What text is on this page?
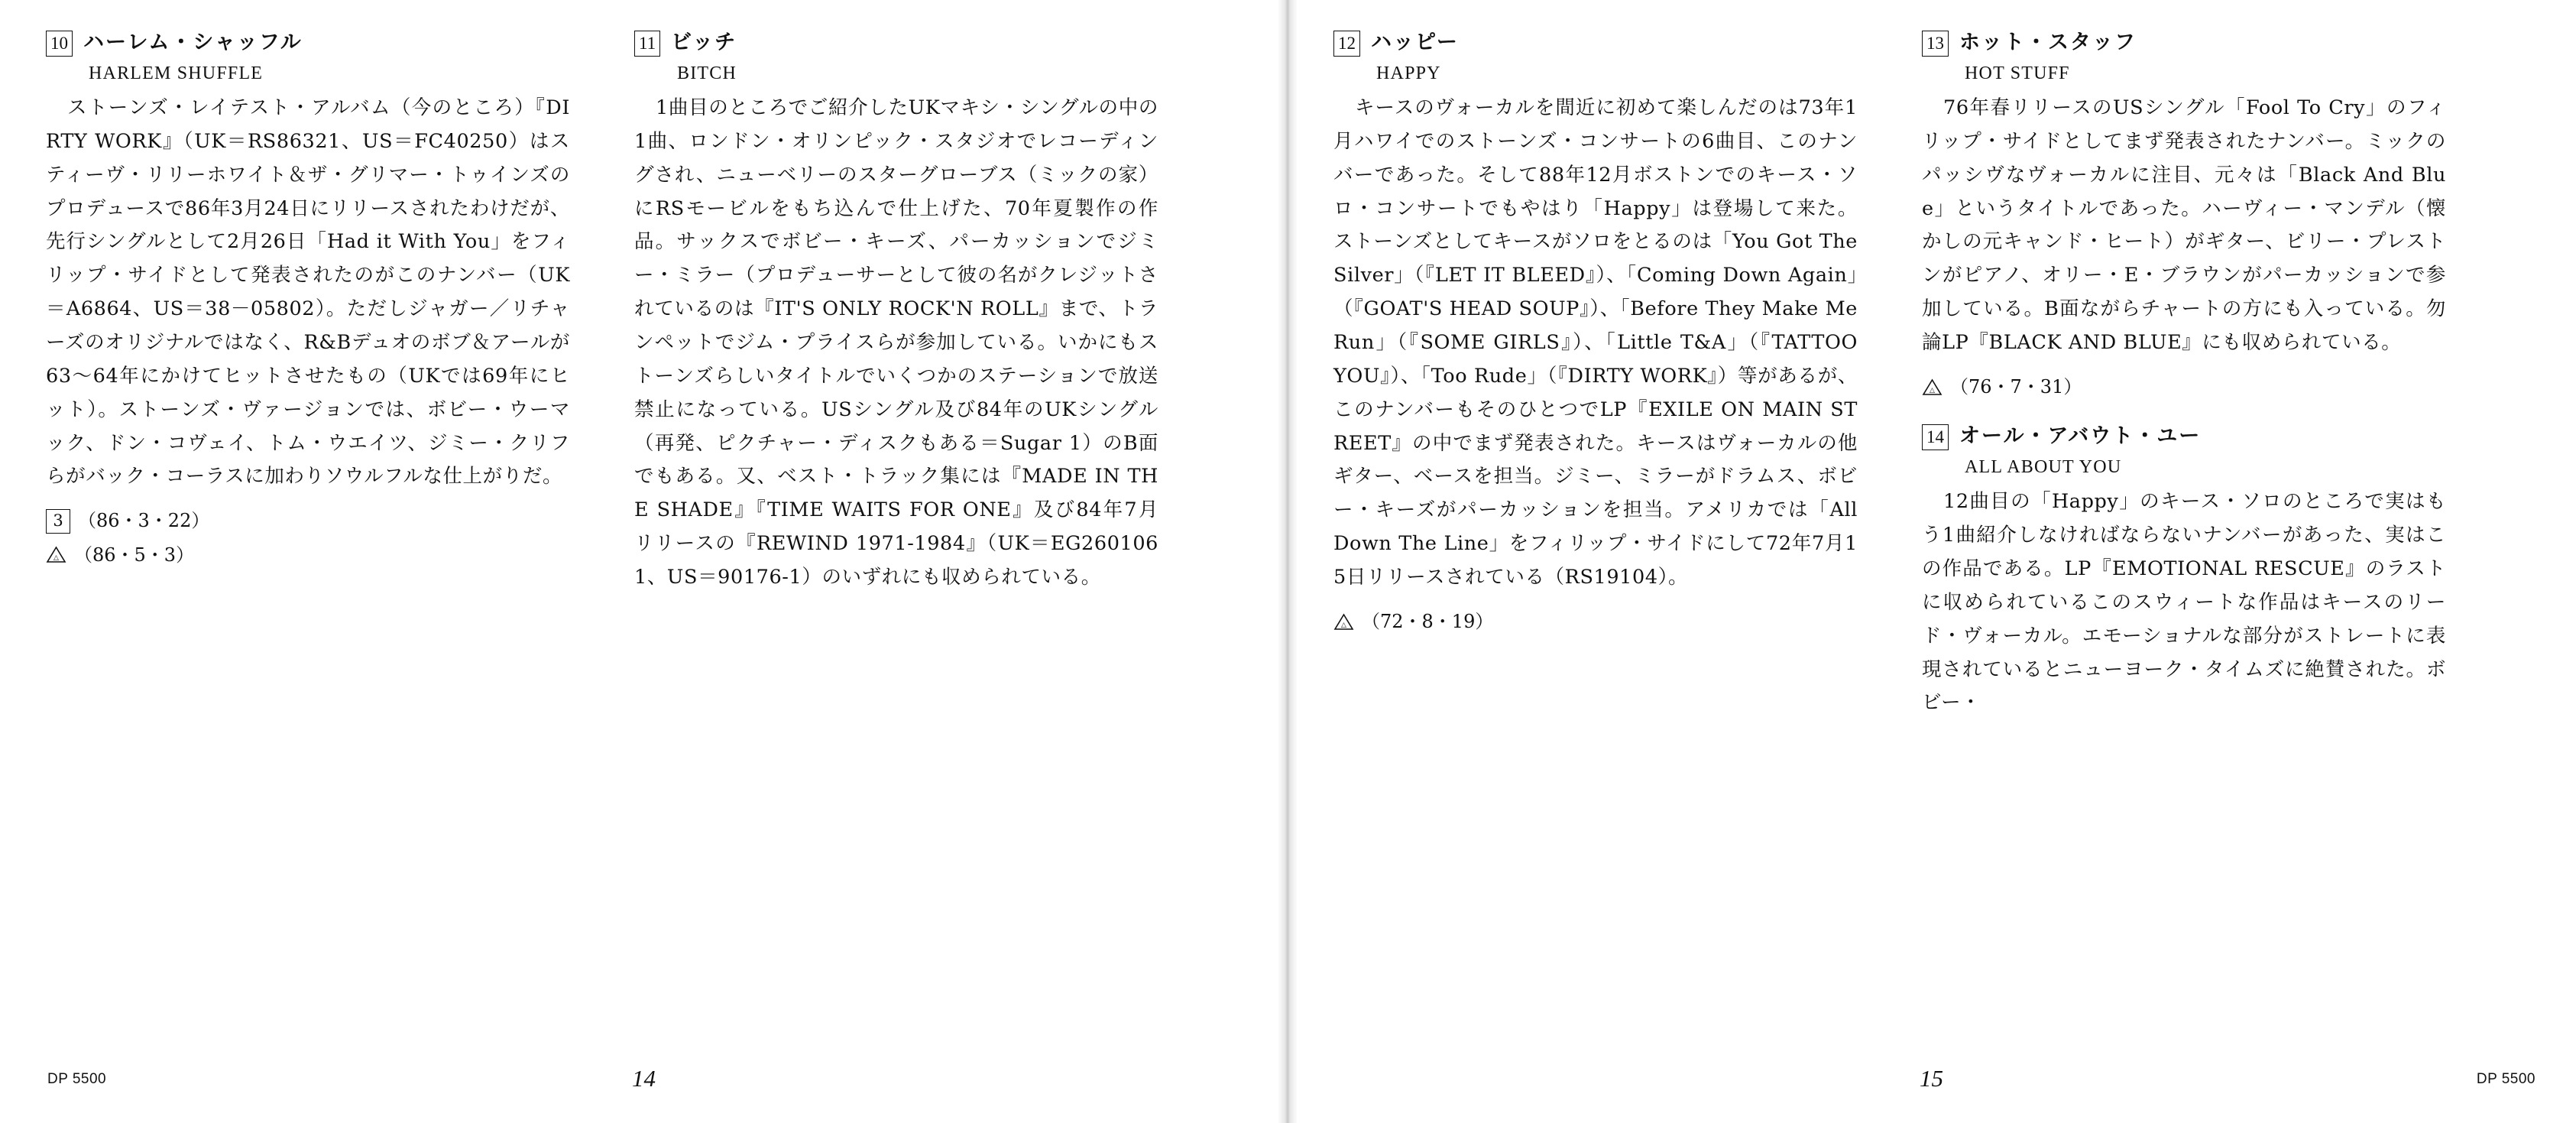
10 ハーレム・シャッフル
HARLEM SHUFFLE
ストーンズ・レイテスト・アルバム（今のところ）『DIRTY WORK』（UK＝RS86321、US＝FC40250）はスティーヴ・リリーホワイト＆ザ・グリマー・トゥインズのプロデュースで86年3月24日にリリースされたわけだが、先行シングルとして2月26日「Had it With You」をフィリップ・サイドとして発表されたのがこのナンバー（UK＝A6864、US＝38－05802）。ただしジャガー／リチャーズのオリジナルではなく、R&Bデュオのボブ＆アールが63～64年にかけてヒットさせたもの（UKでは69年にヒット）。ストーンズ・ヴァージョンでは、ボビー・ウーマック、ドン・コヴェイ、トム・ウエイツ、ジミー・クリフらがバック・コーラスに加わりソウルフルな仕上がりだ。
3 （86・3・22）
△ （86・5・3）
11 ビッチ
BITCH
1曲目のところでご紹介したUKマキシ・シングルの中の1曲、ロンドン・オリンピック・スタジオでレコーディングされ、ニューベリーのスターグローブス（ミックの家）にRSモービルをもち込んで仕上げた、70年夏製作の作品。サックスでボビー・キーズ、パーカッションでジミー・ミラー（プロデューサーとして彼の名がクレジットされているのは『IT'S ONLY ROCK'N ROLL』まで、トランペットでジム・プライスらが参加している。いかにもストーンズらしいタイトルでいくつかのステーションで放送禁止になっている。USシングル及び84年のUKシングル（再発、ピクチャー・ディスクもある＝Sugar 1）のB面でもある。又、ベスト・トラック集には『MADE IN THE SHADE』『TIME WAITS FOR ONE』及び84年7月リリースの『REWIND 1971-1984』（UK＝EG2601061、US＝90176-1）のいずれにも収められている。
DP 5500	14
12 ハッピー
HAPPY
キースのヴォーカルを間近に初めて楽しんだのは73年1月ハワイでのストーンズ・コンサートの6曲目、このナンバーであった。そして88年12月ボストンでのキース・ソロ・コンサートでもやはり「Happy」は登場して来た。ストーンズとしてキースがソロをとるのは「You Got The Silver」（『LET IT BLEED』）、「Coming Down Again」（『GOAT'S HEAD SOUP』）、「Before They Make Me Run」（『SOME GIRLS』）、「Little T&A」（『TATTOO YOU』）、「Too Rude」（『DIRTY WORK』）等があるが、このナンバーもそのひとつでLP『EXILE ON MAIN STREET』の中でまず発表された。キースはヴォーカルの他ギター、ベースを担当。ジミー、ミラーがドラムス、ボビー・キーズがパーカッションを担当。アメリカでは「All Down The Line」をフィリップ・サイドにして72年7月15日リリースされている（RS19104）。
△ （72・8・19）
13 ホット・スタッフ
HOT STUFF
76年春リリースのUSシングル「Fool To Cry」のフィリップ・サイドとしてまず発表されたナンバー。ミックのパッシヴなヴォーカルに注目、元々は「Black And Blue」というタイトルであった。ハーヴィー・マンデル（懐かしの元キャンド・ヒート）がギター、ビリー・プレストンがピアノ、オリー・E・ブラウンがパーカッションで参加している。B面ながらチャートの方にも入っている。勿論LP『BLACK AND BLUE』にも収められている。
△ （76・7・31）
14 オール・アバウト・ユー
ALL ABOUT YOU
12曲目の「Happy」のキース・ソロのところで実はもう1曲紹介しなければならないナンバーがあった、実はこの作品である。LP『EMOTIONAL RESCUE』のラストに収められているこのスウィートな作品はキースのリード・ヴォーカル。エモーショナルな部分がストレートに表現されているとニューヨーク・タイムズに絶賛された。ボビー・
15	DP 5500
